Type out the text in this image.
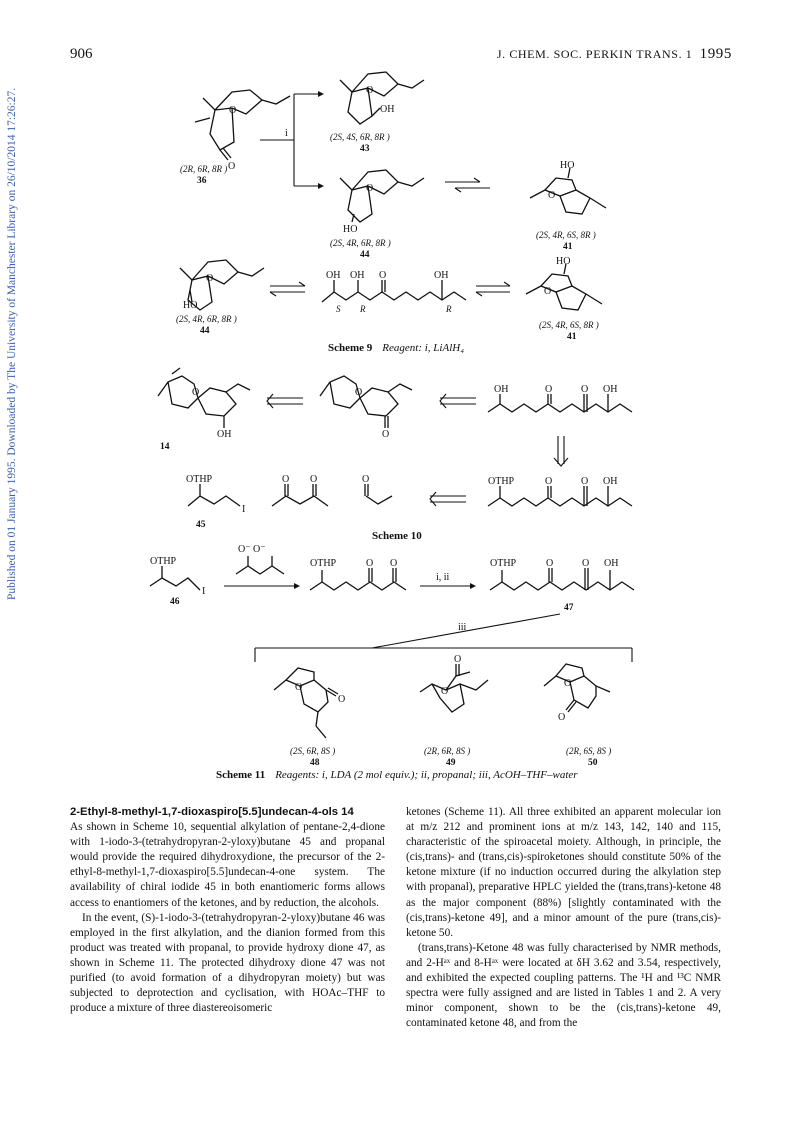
906	J. CHEM. SOC. PERKIN TRANS. 1 1995
Published on 01 January 1995. Downloaded by The University of Manchester Library on 26/10/2014 17:26:27.	O
O
(2R, 6R, 8R )
36
i
O
OH
(2S, 4S, 6R, 8R )
43
O
HO
(2S, 4R, 6R, 8R )
44
O
HO
(2S, 4R, 6S, 8R )
41
O
HO
(2S, 4R, 6R, 8R )
44
OH OH O	OH
S R	R
O
HO
(2S, 4R, 6S, 8R )
41
Scheme 9 Reagent: i, LiAlH₄
O
OH
14
O
O
OH	O	O OH
OTHP
I
45
O O	O	OTHP	O	O OH
Scheme 10
OTHP
I
46
O⁻ O⁻
OTHP	O O
i, ii
OTHP	O	O OH
47
iii
O
O
(2S, 6R, 8S )
48
O
O
(2R, 6R, 8S )
49
O
O
(2R, 6S, 8S )
50
Scheme 11 Reagents: i, LDA (2 mol equiv.); ii, propanal; iii, AcOH–THF–water
2-Ethyl-8-methyl-1,7-dioxaspiro[5.5]undecan-4-ols 14

As shown in Scheme 10, sequential alkylation of pentane-2,4-dione with 1-iodo-3-(tetrahydropyran-2-yloxy)butane 45 and propanal would provide the required dihydroxydione, the precursor of the 2-ethyl-8-methyl-1,7-dioxaspiro[5.5]undecan-4-one system. The availability of chiral iodide 45 in both enantiomeric forms allows access to enantiomers of the ketones, and by reduction, the alcohols.

In the event, (S)-1-iodo-3-(tetrahydropyran-2-yloxy)butane 46 was employed in the first alkylation, and the dianion formed from this product was treated with propanal, to provide hydroxy dione 47, as shown in Scheme 11. The protected dihydroxy dione 47 was not purified (to avoid formation of a dihydropyran moiety) but was subjected to deprotection and cyclisation, with HOAc–THF to produce a mixture of three diastereoisomeric

ketones (Scheme 11). All three exhibited an apparent molecular ion at m/z 212 and prominent ions at m/z 143, 142, 140 and 115, characteristic of the spiroacetal moiety. Although, in principle, the (cis,trans)- and (trans,cis)-spiroketones should constitute 50% of the ketone mixture (if no induction occurred during the alkylation step with propanal), preparative HPLC yielded the (trans,trans)-ketone 48 as the major component (88%) [slightly contaminated with the (cis,trans)-ketone 49], and a minor amount of the pure (trans,cis)-ketone 50.

(trans,trans)-Ketone 48 was fully characterised by NMR methods, and 2-Hᵃˣ and 8-Hᵃˣ were located at δH 3.62 and 3.54, respectively, and exhibited the expected coupling patterns. The ¹H and ¹³C NMR spectra were fully assigned and are listed in Tables 1 and 2. A very minor component, shown to be the (cis,trans)-ketone 49, contaminated ketone 48, and from the
